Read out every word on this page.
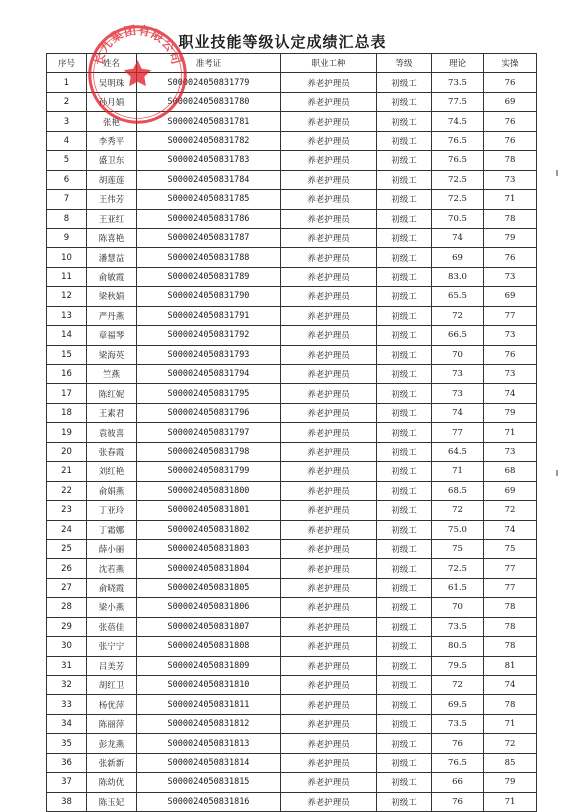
职业技能等级认定成绩汇总表
序号	姓名	准考证	职业工种	等级	理论	实操
1	吴明珠	S000024050831779	养老护理员	初级工	73.5	76
2	孙月娟	S000024050831780	养老护理员	初级工	77.5	69
3	张艳	S000024050831781	养老护理员	初级工	74.5	76
4	李秀平	S000024050831782	养老护理员	初级工	76.5	76
5	盛卫东	S000024050831783	养老护理员	初级工	76.5	78
6	胡莲莲	S000024050831784	养老护理员	初级工	72.5	73
7	王伟芳	S000024050831785	养老护理员	初级工	72.5	71
8	王亚红	S000024050831786	养老护理员	初级工	70.5	78
9	陈喜艳	S000024050831787	养老护理员	初级工	74	79
10	潘慧益	S000024050831788	养老护理员	初级工	69	76
11	俞敏霞	S000024050831789	养老护理员	初级工	83.0	73
12	梁秋娟	S000024050831790	养老护理员	初级工	65.5	69
13	严丹燕	S000024050831791	养老护理员	初级工	72	77
14	章福琴	S000024050831792	养老护理员	初级工	66.5	73
15	梁海英	S000024050831793	养老护理员	初级工	70	76
16	竺燕	S000024050831794	养老护理员	初级工	73	73
17	陈红妮	S000024050831795	养老护理员	初级工	73	74
18	王素君	S000024050831796	养老护理员	初级工	74	79
19	袁彼喜	S000024050831797	养老护理员	初级工	77	71
20	张春霞	S000024050831798	养老护理员	初级工	64.5	73
21	刘红艳	S000024050831799	养老护理员	初级工	71	68
22	俞娟燕	S000024050831800	养老护理员	初级工	68.5	69
23	丁亚玲	S000024050831801	养老护理员	初级工	72	72
24	丁霜娜	S000024050831802	养老护理员	初级工	75.0	74
25	薛小丽	S000024050831803	养老护理员	初级工	75	75
26	沈若燕	S000024050831804	养老护理员	初级工	72.5	77
27	俞晓霞	S000024050831805	养老护理员	初级工	61.5	77
28	梁小燕	S000024050831806	养老护理员	初级工	70	78
29	张蓓佳	S000024050831807	养老护理员	初级工	73.5	78
30	张宁宁	S000024050831808	养老护理员	初级工	80.5	78
31	吕美芳	S000024050831809	养老护理员	初级工	79.5	81
32	胡红卫	S000024050831810	养老护理员	初级工	72	74
33	杨优萍	S000024050831811	养老护理员	初级工	69.5	78
34	陈丽萍	S000024050831812	养老护理员	初级工	73.5	71
35	彭龙燕	S000024050831813	养老护理员	初级工	76	72
36	张新新	S000024050831814	养老护理员	初级工	76.5	85
37	陈幼优	S000024050831815	养老护理员	初级工	66	79
38	陈玉妃	S000024050831816	养老护理员	初级工	76	71
长九集团有限公司
